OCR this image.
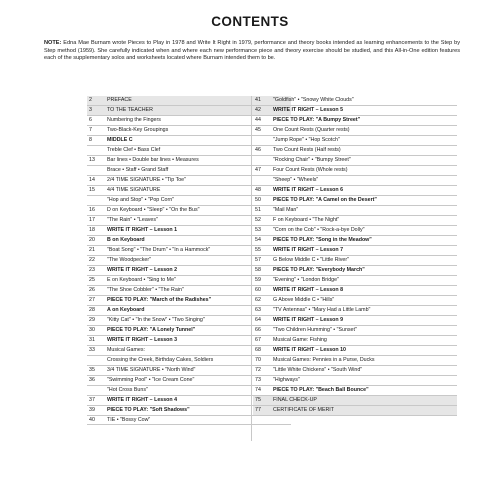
CONTENTS
NOTE: Edna Mae Burnam wrote Pieces to Play in 1978 and Write It Right in 1979, performance and theory books intended as learning enhancements to the Step by Step method (1959). She carefully indicated when and where each new performance piece and theory exercise should be studied, and this All-in-One edition features each of the supplementary solos and worksheets located where Burnam intended them to be.
2	PREFACE
3	TO THE TEACHER
6	Numbering the Fingers
7	Two-Black-Key Groupings
8	MIDDLE C
Treble Clef • Bass Clef
13	Bar lines • Double bar lines • Measures
Brace • Staff • Grand Staff
14	2/4 TIME SIGNATURE • "Tip Toe"
15	4/4 TIME SIGNATURE
"Hop and Stop" • "Pop Corn"
16	D on Keyboard • "Sleep" • "On the Bus"
17	"The Rain" • "Leaves"
18	WRITE IT RIGHT – Lesson 1
20	B on Keyboard
21	"Boat Song" • "The Drum" • "In a Hammock"
22	"The Woodpecker"
23	WRITE IT RIGHT – Lesson 2
25	E on Keyboard • "Sing to Me"
26	"The Shoe Cobbler" • "The Rain"
27	PIECE TO PLAY: "March of the Radishes"
28	A on Keyboard
29	"Kitty Cat" • "In the Snow" • "Two Singing"
30	PIECE TO PLAY: "A Lonely Tunnel"
31	WRITE IT RIGHT – Lesson 3
33	Musical Games:
Crossing the Creek, Birthday Cakes, Soldiers
35	3/4 TIME SIGNATURE • "North Wind"
36	"Swimming Pool" • "Ice Cream Cone"
"Hot Cross Buns"
37	WRITE IT RIGHT – Lesson 4
39	PIECE TO PLAY: "Soft Shadows"
40	TIE • "Bossy Cow"
41	"Goldfish" • "Snowy White Clouds"
42	WRITE IT RIGHT – Lesson 5
44	PIECE TO PLAY: "A Bumpy Street"
45	One Count Rests (Quarter rests)
"Jump Rope" • "Hop Scotch"
46	Two Count Rests (Half rests)
"Rocking Chair" • "Bumpy Street"
47	Four Count Rests (Whole rests)
"Sheep" • "Wheels"
48	WRITE IT RIGHT – Lesson 6
50	PIECE TO PLAY: "A Camel on the Desert"
51	"Mail Man"
52	F on Keyboard • "The Night"
53	"Corn on the Cob" • "Rock-a-bye Dolly"
54	PIECE TO PLAY: "Song in the Meadow"
55	WRITE IT RIGHT – Lesson 7
57	G Below Middle C • "Little River"
58	PIECE TO PLAY: "Everybody March"
59	"Evening" • "London Bridge"
60	WRITE IT RIGHT – Lesson 8
62	G Above Middle C • "Hills"
63	"TV Antennas" • "Mary Had a Little Lamb"
64	WRITE IT RIGHT – Lesson 9
66	"Two Children Humming" • "Sunset"
67	Musical Game: Fishing
68	WRITE IT RIGHT – Lesson 10
70	Musical Games: Pennies in a Purse, Ducks
72	"Little White Chickens" • "South Wind"
73	"Highways"
74	PIECE TO PLAY: "Beach Ball Bounce"
75	FINAL CHECK-UP
77	CERTIFICATE OF MERIT
